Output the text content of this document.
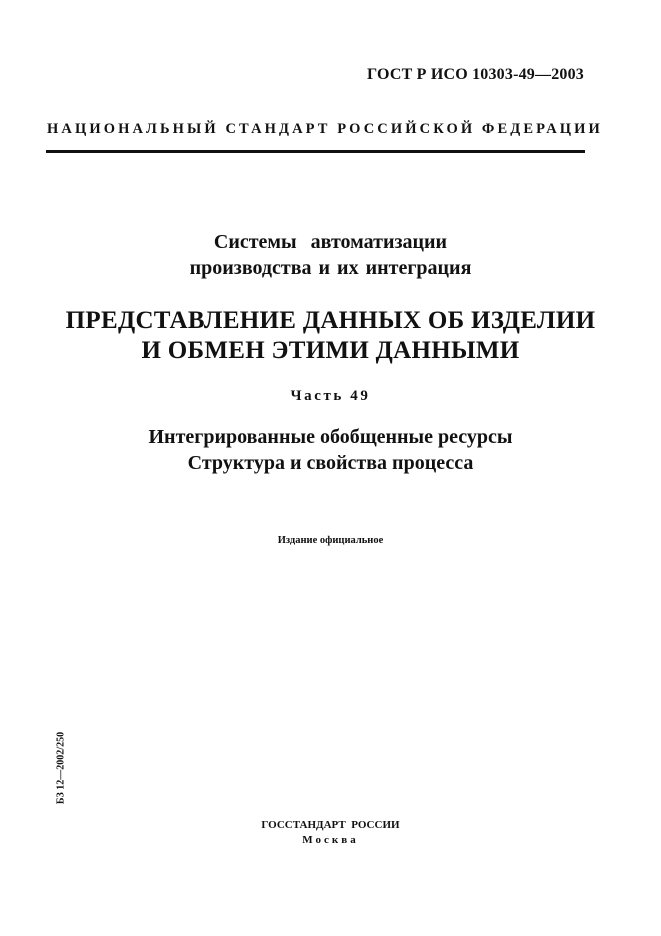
ГОСТ Р ИСО 10303-49—2003
НАЦИОНАЛЬНЫЙ СТАНДАРТ РОССИЙСКОЙ ФЕДЕРАЦИИ
Системы  автоматизации
производства и их интеграция
ПРЕДСТАВЛЕНИЕ ДАННЫХ ОБ ИЗДЕЛИИ
И ОБМЕН ЭТИМИ ДАННЫМИ
Часть 49
Интегрированные обобщенные ресурсы
Структура и свойства процесса
Издание официальное
БЗ 12—2002/250
ГОССТАНДАРТ  РОССИИ
Москва
